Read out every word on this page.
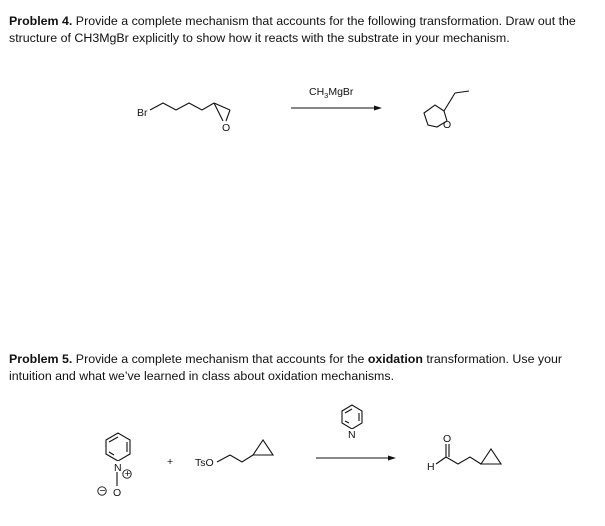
Problem 4. Provide a complete mechanism that accounts for the following transformation. Draw out the structure of CH3MgBr explicitly to show how it reacts with the substrate in your mechanism.

Problem 5. Provide a complete mechanism that accounts for the oxidation transformation. Use your intuition and what we’ve learned in class about oxidation mechanisms.

Br
O
$CH_3MgBr$
O
N +
O
−
+ TsO
N
H
O
